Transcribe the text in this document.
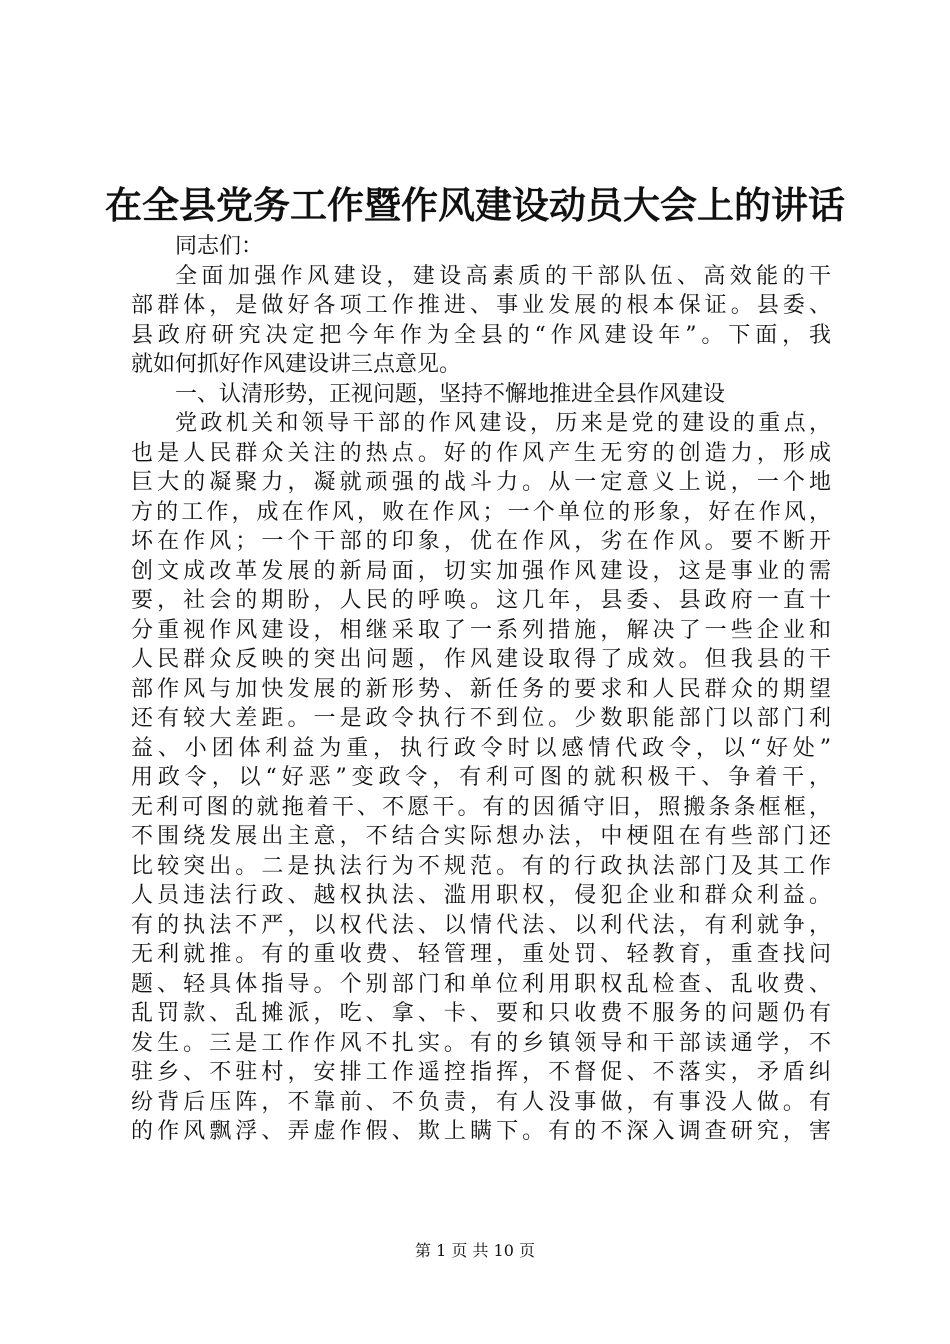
在全县党务工作暨作风建设动员大会上的讲话
同志们：
全面加强作风建设，建设高素质的干部队伍、高效能的干
部群体，是做好各项工作推进、事业发展的根本保证。县委、
县政府研究决定把今年作为全县的“作风建设年”。下面，我
就如何抓好作风建设讲三点意见。
一、认清形势，正视问题，坚持不懈地推进全县作风建设
党政机关和领导干部的作风建设，历来是党的建设的重点，
也是人民群众关注的热点。好的作风产生无穷的创造力，形成
巨大的凝聚力，凝就顽强的战斗力。从一定意义上说，一个地
方的工作，成在作风，败在作风；一个单位的形象，好在作风，
坏在作风；一个干部的印象，优在作风，劣在作风。要不断开
创文成改革发展的新局面，切实加强作风建设，这是事业的需
要，社会的期盼，人民的呼唤。这几年，县委、县政府一直十
分重视作风建设，相继采取了一系列措施，解决了一些企业和
人民群众反映的突出问题，作风建设取得了成效。但我县的干
部作风与加快发展的新形势、新任务的要求和人民群众的期望
还有较大差距。一是政令执行不到位。少数职能部门以部门利
益、小团体利益为重，执行政令时以感情代政令，以“好处”
用政令，以“好恶”变政令，有利可图的就积极干、争着干，
无利可图的就拖着干、不愿干。有的因循守旧，照搬条条框框，
不围绕发展出主意，不结合实际想办法，中梗阻在有些部门还
比较突出。二是执法行为不规范。有的行政执法部门及其工作
人员违法行政、越权执法、滥用职权，侵犯企业和群众利益。
有的执法不严，以权代法、以情代法、以利代法，有利就争，
无利就推。有的重收费、轻管理，重处罚、轻教育，重查找问
题、轻具体指导。个别部门和单位利用职权乱检查、乱收费、
乱罚款、乱摊派，吃、拿、卡、要和只收费不服务的问题仍有
发生。三是工作作风不扎实。有的乡镇领导和干部读通学，不
驻乡、不驻村，安排工作遥控指挥，不督促、不落实，矛盾纠
纷背后压阵，不靠前、不负责，有人没事做，有事没人做。有
的作风飘浮、弄虚作假、欺上瞒下。有的不深入调查研究，害
第 1 页 共 10 页
